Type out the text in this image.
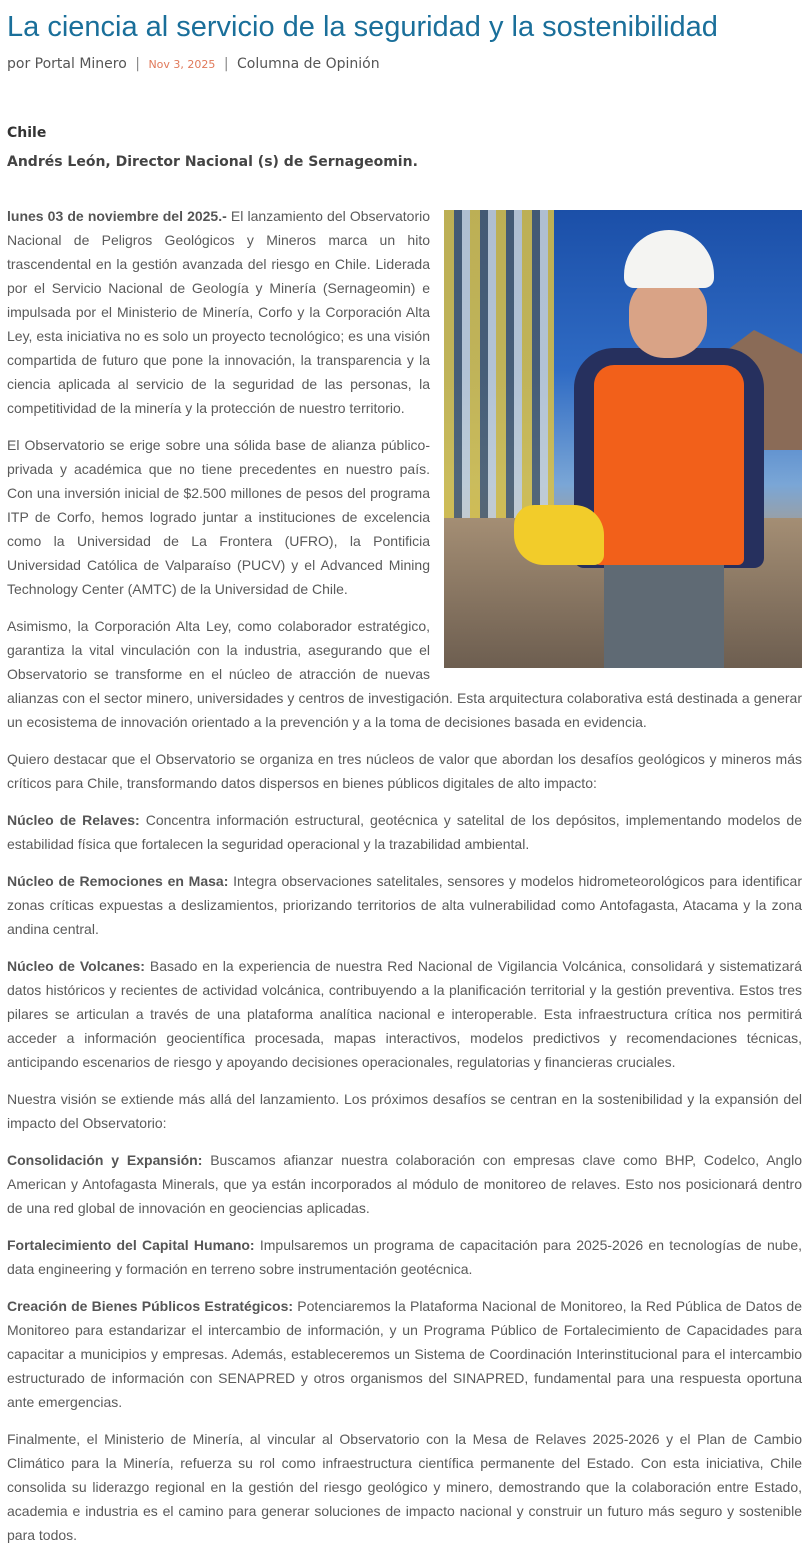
La ciencia al servicio de la seguridad y la sostenibilidad
por Portal Minero | Nov 3, 2025 | Columna de Opinión
Chile
Andrés León, Director Nacional (s) de Sernageomin.

lunes 03 de noviembre del 2025.- El lanzamiento del Observatorio Nacional de Peligros Geológicos y Mineros marca un hito trascendental en la gestión avanzada del riesgo en Chile. Liderada por el Servicio Nacional de Geología y Minería (Sernageomin) e impulsada por el Ministerio de Minería, Corfo y la Corporación Alta Ley, esta iniciativa no es solo un proyecto tecnológico; es una visión compartida de futuro que pone la innovación, la transparencia y la ciencia aplicada al servicio de la seguridad de las personas, la competitividad de la minería y la protección de nuestro territorio.

El Observatorio se erige sobre una sólida base de alianza público-privada y académica que no tiene precedentes en nuestro país. Con una inversión inicial de $2.500 millones de pesos del programa ITP de Corfo, hemos logrado juntar a instituciones de excelencia como la Universidad de La Frontera (UFRO), la Pontificia Universidad Católica de Valparaíso (PUCV) y el Advanced Mining Technology Center (AMTC) de la Universidad de Chile.

Asimismo, la Corporación Alta Ley, como colaborador estratégico, garantiza la vital vinculación con la industria, asegurando que el Observatorio se transforme en el núcleo de atracción de nuevas alianzas con el sector minero, universidades y centros de investigación. Esta arquitectura colaborativa está destinada a generar un ecosistema de innovación orientado a la prevención y a la toma de decisiones basada en evidencia.

Quiero destacar que el Observatorio se organiza en tres núcleos de valor que abordan los desafíos geológicos y mineros más críticos para Chile, transformando datos dispersos en bienes públicos digitales de alto impacto:

Núcleo de Relaves: Concentra información estructural, geotécnica y satelital de los depósitos, implementando modelos de estabilidad física que fortalecen la seguridad operacional y la trazabilidad ambiental.

Núcleo de Remociones en Masa: Integra observaciones satelitales, sensores y modelos hidrometeorológicos para identificar zonas críticas expuestas a deslizamientos, priorizando territorios de alta vulnerabilidad como Antofagasta, Atacama y la zona andina central.

Núcleo de Volcanes: Basado en la experiencia de nuestra Red Nacional de Vigilancia Volcánica, consolidará y sistematizará datos históricos y recientes de actividad volcánica, contribuyendo a la planificación territorial y la gestión preventiva. Estos tres pilares se articulan a través de una plataforma analítica nacional e interoperable. Esta infraestructura crítica nos permitirá acceder a información geocientífica procesada, mapas interactivos, modelos predictivos y recomendaciones técnicas, anticipando escenarios de riesgo y apoyando decisiones operacionales, regulatorias y financieras cruciales.

Nuestra visión se extiende más allá del lanzamiento. Los próximos desafíos se centran en la sostenibilidad y la expansión del impacto del Observatorio:

Consolidación y Expansión: Buscamos afianzar nuestra colaboración con empresas clave como BHP, Codelco, Anglo American y Antofagasta Minerals, que ya están incorporados al módulo de monitoreo de relaves. Esto nos posicionará dentro de una red global de innovación en geociencias aplicadas.

Fortalecimiento del Capital Humano: Impulsaremos un programa de capacitación para 2025-2026 en tecnologías de nube, data engineering y formación en terreno sobre instrumentación geotécnica.

Creación de Bienes Públicos Estratégicos: Potenciaremos la Plataforma Nacional de Monitoreo, la Red Pública de Datos de Monitoreo para estandarizar el intercambio de información, y un Programa Público de Fortalecimiento de Capacidades para capacitar a municipios y empresas. Además, estableceremos un Sistema de Coordinación Interinstitucional para el intercambio estructurado de información con SENAPRED y otros organismos del SINAPRED, fundamental para una respuesta oportuna ante emergencias.

Finalmente, el Ministerio de Minería, al vincular al Observatorio con la Mesa de Relaves 2025-2026 y el Plan de Cambio Climático para la Minería, refuerza su rol como infraestructura científica permanente del Estado. Con esta iniciativa, Chile consolida su liderazgo regional en la gestión del riesgo geológico y minero, demostrando que la colaboración entre Estado, academia e industria es el camino para generar soluciones de impacto nacional y construir un futuro más seguro y sostenible para todos.
